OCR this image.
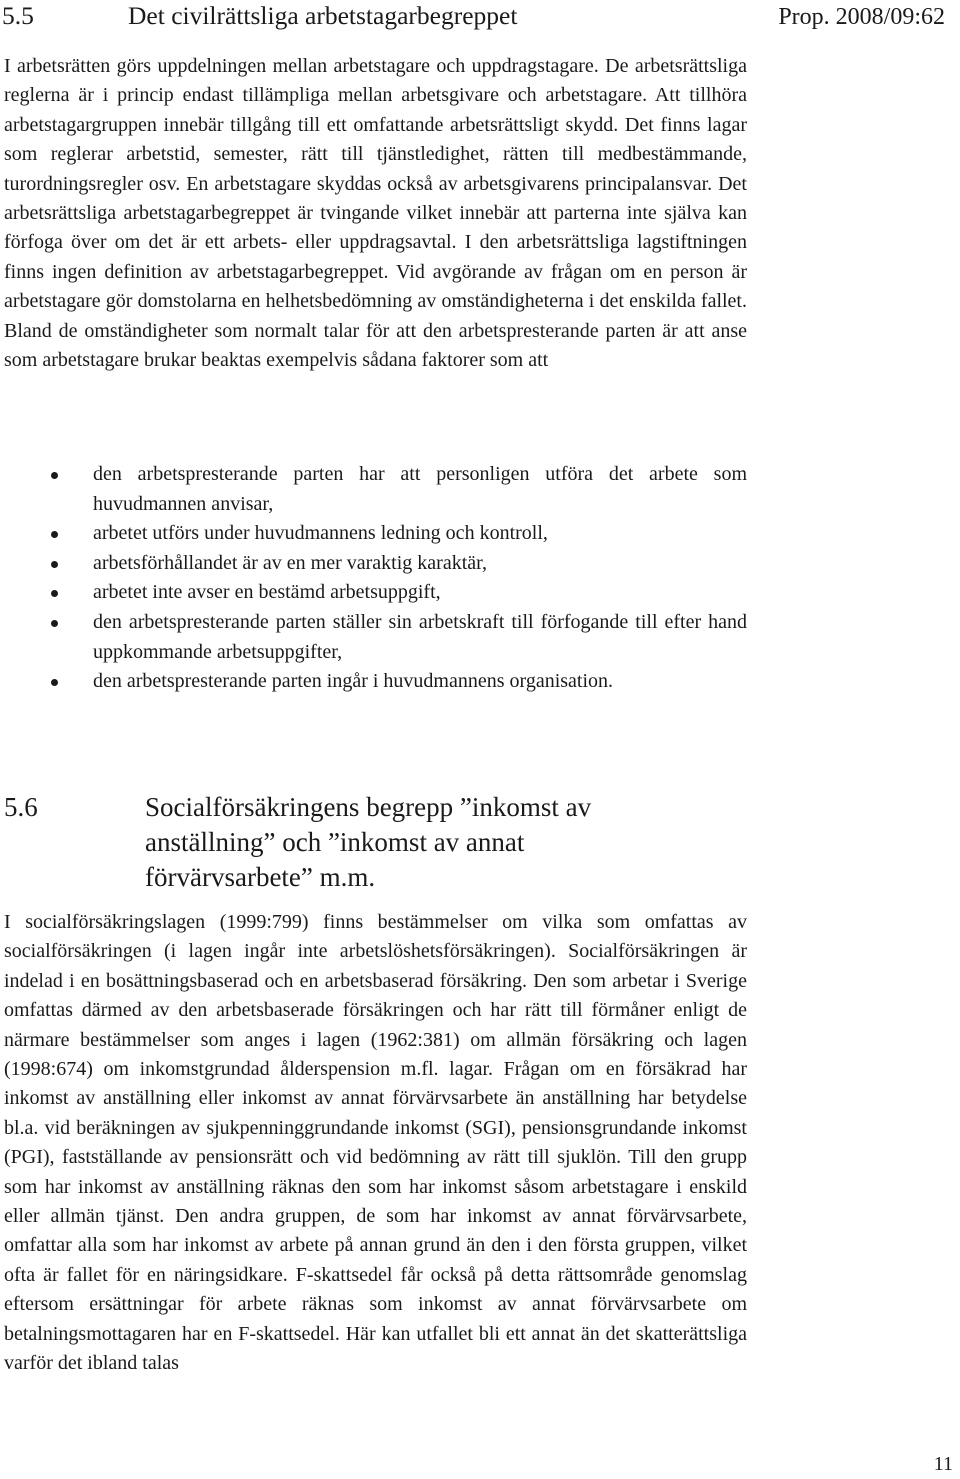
5.5	Det civilrättsliga arbetstagarbegreppet	Prop. 2008/09:62

I arbetsrätten görs uppdelningen mellan arbetstagare och uppdragstagare. De arbetsrättsliga reglerna är i princip endast tillämpliga mellan arbetsgivare och arbetstagare. Att tillhöra arbetstagargruppen innebär tillgång till ett omfattande arbetsrättsligt skydd. Det finns lagar som reglerar arbetstid, semester, rätt till tjänstledighet, rätten till medbestämmande, turordningsregler osv. En arbetstagare skyddas också av arbetsgivarens principalansvar. Det arbetsrättsliga arbetstagarbegreppet är tvingande vilket innebär att parterna inte själva kan förfoga över om det är ett arbets- eller uppdragsavtal. I den arbetsrättsliga lagstiftningen finns ingen definition av arbetstagarbegreppet. Vid avgörande av frågan om en person är arbetstagare gör domstolarna en helhetsbedömning av omständigheterna i det enskilda fallet. Bland de omständigheter som normalt talar för att den arbetspresterande parten är att anse som arbetstagare brukar beaktas exempelvis sådana faktorer som att

den arbetspresterande parten har att personligen utföra det arbete som huvudmannen anvisar,
arbetet utförs under huvudmannens ledning och kontroll,
arbetsförhållandet är av en mer varaktig karaktär,
arbetet inte avser en bestämd arbetsuppgift,
den arbetspresterande parten ställer sin arbetskraft till förfogande till efter hand uppkommande arbetsuppgifter,
den arbetspresterande parten ingår i huvudmannens organisation.
5.6	Socialförsäkringens begrepp ”inkomst av anställning” och ”inkomst av annat förvärvsarbete” m.m.

I socialförsäkringslagen (1999:799) finns bestämmelser om vilka som omfattas av socialförsäkringen (i lagen ingår inte arbetslöshetsförsäkringen). Socialförsäkringen är indelad i en bosättningsbaserad och en arbetsbaserad försäkring. Den som arbetar i Sverige omfattas därmed av den arbetsbaserade försäkringen och har rätt till förmåner enligt de närmare bestämmelser som anges i lagen (1962:381) om allmän försäkring och lagen (1998:674) om inkomstgrundad ålderspension m.fl. lagar. Frågan om en försäkrad har inkomst av anställning eller inkomst av annat förvärvsarbete än anställning har betydelse bl.a. vid beräkningen av sjukpenninggrundande inkomst (SGI), pensionsgrundande inkomst (PGI), fastställande av pensionsrätt och vid bedömning av rätt till sjuklön. Till den grupp som har inkomst av anställning räknas den som har inkomst såsom arbetstagare i enskild eller allmän tjänst. Den andra gruppen, de som har inkomst av annat förvärvsarbete, omfattar alla som har inkomst av arbete på annan grund än den i den första gruppen, vilket ofta är fallet för en näringsidkare. F-skattsedel får också på detta rättsområde genomslag eftersom ersättningar för arbete räknas som inkomst av annat förvärvsarbete om betalningsmottagaren har en F-skattsedel. Här kan utfallet bli ett annat än det skatterättsliga varför det ibland talas

11
